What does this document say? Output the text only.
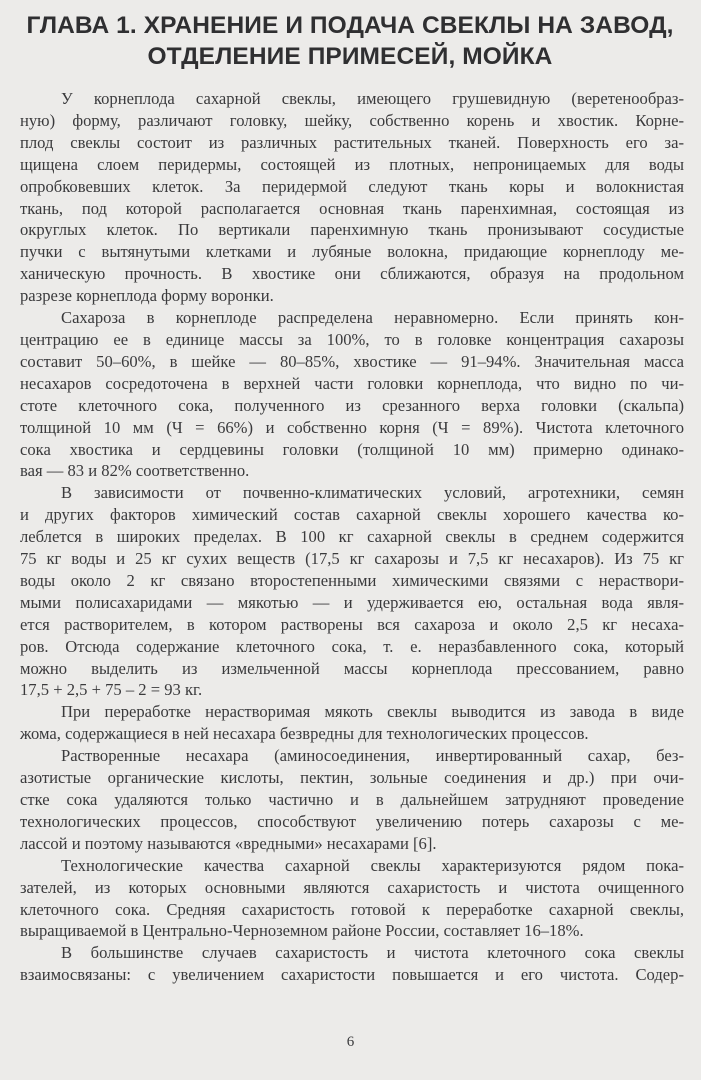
ГЛАВА 1. ХРАНЕНИЕ И ПОДАЧА СВЕКЛЫ НА ЗАВОД,
ОТДЕЛЕНИЕ ПРИМЕСЕЙ, МОЙКА

У корнеплода сахарной свеклы, имеющего грушевидную (веретенообраз-
ную) форму, различают головку, шейку, собственно корень и хвостик. Корне-
плод свеклы состоит из различных растительных тканей. Поверхность его за-
щищена слоем перидермы, состоящей из плотных, непроницаемых для воды
опробковевших клеток. За перидермой следуют ткань коры и волокнистая
ткань, под которой располагается основная ткань паренхимная, состоящая из
округлых клеток. По вертикали паренхимную ткань пронизывают сосудистые
пучки с вытянутыми клетками и лубяные волокна, придающие корнеплоду ме-
ханическую прочность. В хвостике они сближаются, образуя на продольном
разрезе корнеплода форму воронки.

Сахароза в корнеплоде распределена неравномерно. Если принять кон-
центрацию ее в единице массы за 100%, то в головке концентрация сахарозы
составит 50–60%, в шейке — 80–85%, хвостике — 91–94%. Значительная масса
несахаров сосредоточена в верхней части головки корнеплода, что видно по чи-
стоте клеточного сока, полученного из срезанного верха головки (скальпа)
толщиной 10 мм (Ч = 66%) и собственно корня (Ч = 89%). Чистота клеточного
сока хвостика и сердцевины головки (толщиной 10 мм) примерно одинако-
вая — 83 и 82% соответственно.

В зависимости от почвенно-климатических условий, агротехники, семян
и других факторов химический состав сахарной свеклы хорошего качества ко-
леблется в широких пределах. В 100 кг сахарной свеклы в среднем содержится
75 кг воды и 25 кг сухих веществ (17,5 кг сахарозы и 7,5 кг несахаров). Из 75 кг
воды около 2 кг связано второстепенными химическими связями с нераствори-
мыми полисахаридами — мякотью — и удерживается ею, остальная вода явля-
ется растворителем, в котором растворены вся сахароза и около 2,5 кг несаха-
ров. Отсюда содержание клеточного сока, т. е. неразбавленного сока, который
можно выделить из измельченной массы корнеплода прессованием, равно
17,5 + 2,5 + 75 – 2 = 93 кг.

При переработке нерастворимая мякоть свеклы выводится из завода в виде
жома, содержащиеся в ней несахара безвредны для технологических процессов.

Растворенные несахара (аминосоединения, инвертированный сахар, без-
азотистые органические кислоты, пектин, зольные соединения и др.) при очи-
стке сока удаляются только частично и в дальнейшем затрудняют проведение
технологических процессов, способствуют увеличению потерь сахарозы с ме-
лассой и поэтому называются «вредными» несахарами [6].

Технологические качества сахарной свеклы характеризуются рядом пока-
зателей, из которых основными являются сахаристость и чистота очищенного
клеточного сока. Средняя сахаристость готовой к переработке сахарной свеклы,
выращиваемой в Центрально-Черноземном районе России, составляет 16–18%.

В большинстве случаев сахаристость и чистота клеточного сока свеклы
взаимосвязаны: с увеличением сахаристости повышается и его чистота. Содер-

6
